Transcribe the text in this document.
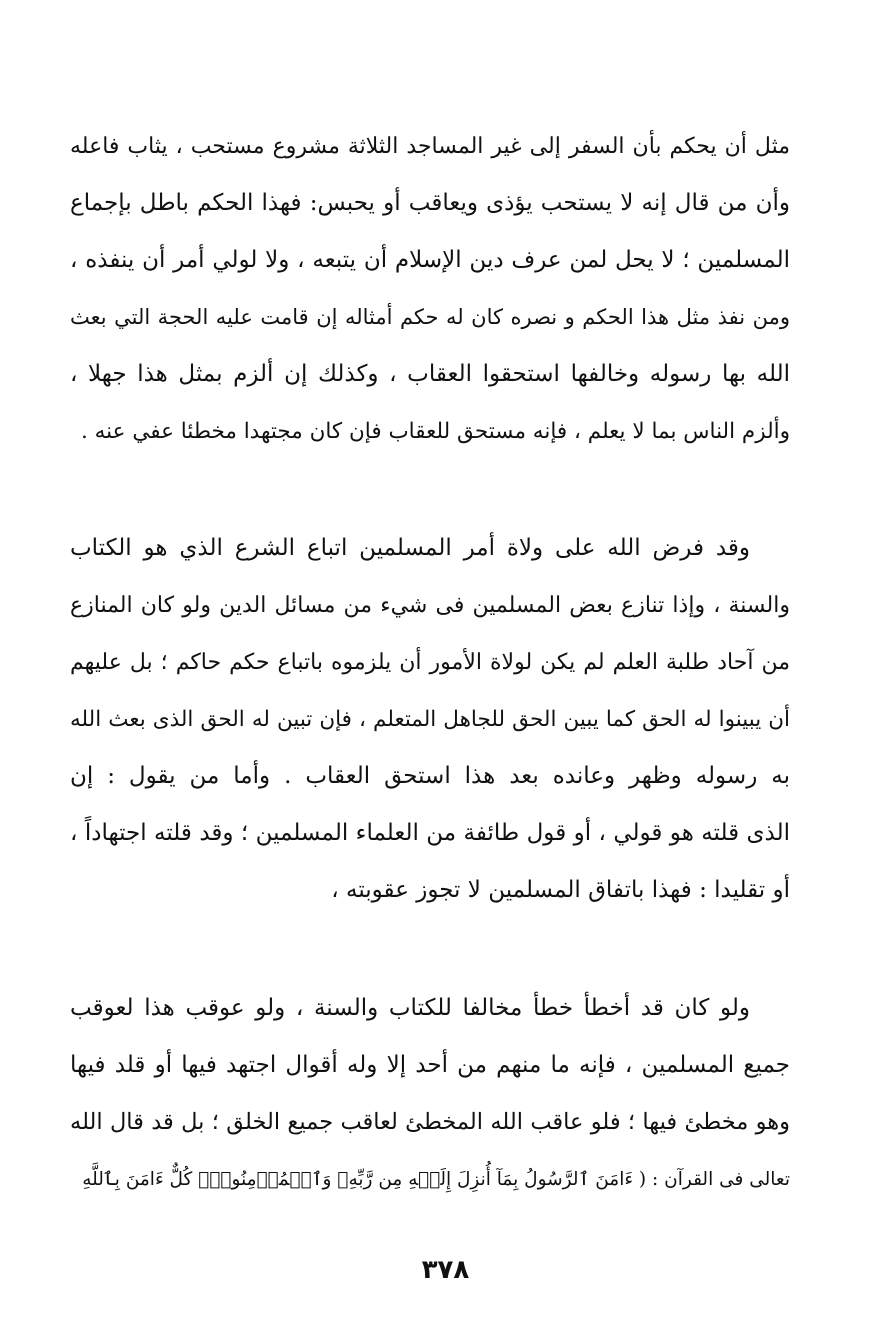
مثل أن يحكم بأن السفر إلى غير المساجد الثلاثة مشروع مستحب ، يثاب فاعله
وأن من قال إنه لا يستحب يؤذى ويعاقب أو يحبس: فهذا الحكم باطل بإجماع
المسلمين ؛ لا يحل لمن عرف دين الإسلام أن يتبعه ، ولا لولي أمر أن ينفذه ،
ومن نفذ مثل هذا الحكم و نصره كان له حكم أمثاله إن قامت عليه الحجة التي بعث
الله بها رسوله وخالفها استحقوا العقاب ، وكذلك إن ألزم بمثل هذا جهلا ،
وألزم الناس بما لا يعلم ، فإنه مستحق للعقاب فإن كان مجتهدا مخطئا عفي عنه .
وقد فرض الله على ولاة أمر المسلمين اتباع الشرع الذي هو الكتاب
والسنة ، وإذا تنازع بعض المسلمين فى شيء من مسائل الدين ولو كان المنازع
من آحاد طلبة العلم لم يكن لولاة الأمور أن يلزموه باتباع حكم حاكم ؛ بل عليهم
أن يبينوا له الحق كما يبين الحق للجاهل المتعلم ، فإن تبين له الحق الذى بعث الله
به رسوله وظهر وعانده بعد هذا استحق العقاب . وأما من يقول : إن
الذى قلته هو قولي ، أو قول طائفة من العلماء المسلمين ؛ وقد قلته اجتهاداً ،
أو تقليدا : فهذا باتفاق المسلمين لا تجوز عقوبته ،
ولو كان قد أخطأ خطأ مخالفا للكتاب والسنة ، ولو عوقب هذا لعوقب
جميع المسلمين ، فإنه ما منهم من أحد إلا وله أقوال اجتهد فيها أو قلد فيها
وهو مخطئ فيها ؛ فلو عاقب الله المخطئ لعاقب جميع الخلق ؛ بل قد قال الله
تعالى فى القرآن : ( ءَامَنَ ٱلرَّسُولُ بِمَآ أُنزِلَ إِلَيۡهِ مِن رَّبِّهِۦ وَٱلۡمُؤۡمِنُونَۚ كُلٌّ ءَامَنَ بِٱللَّهِ
٣٧٨
